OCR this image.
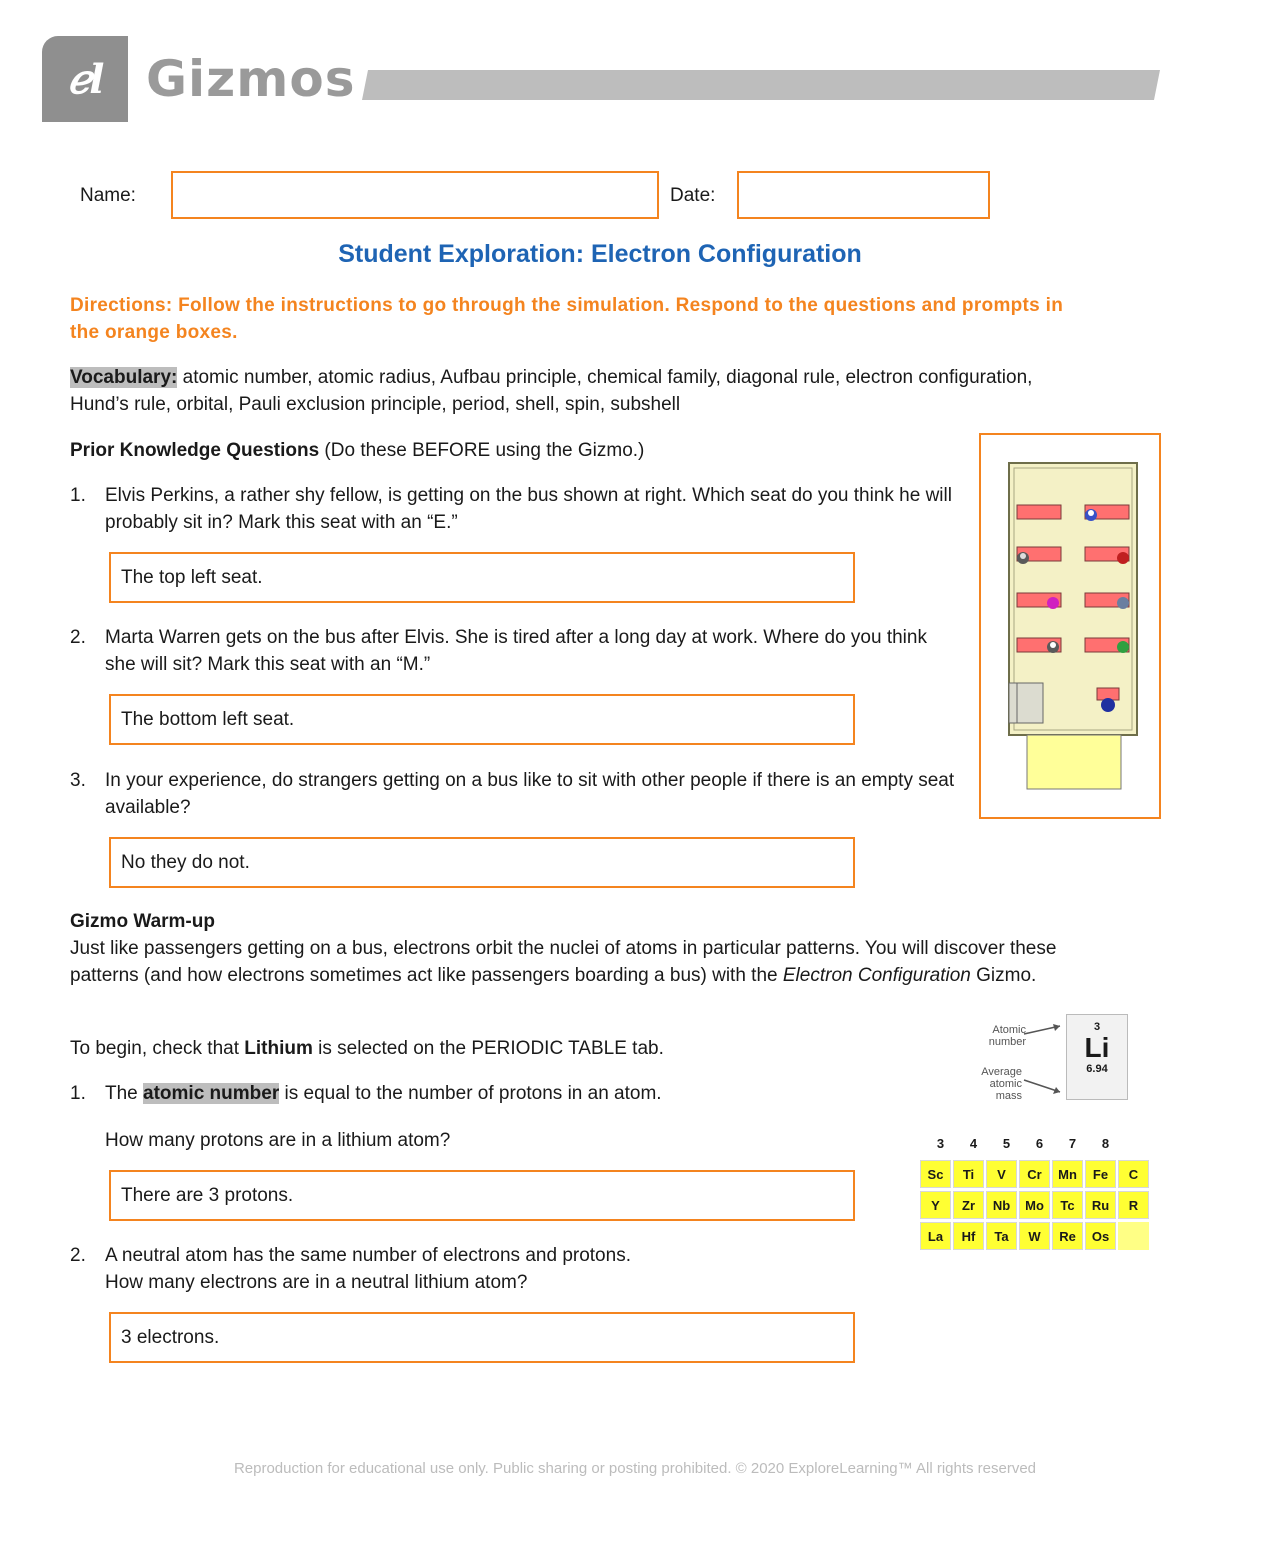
ℯl Gizmos
Name:	Date:
Student Exploration: Electron Configuration
Directions: Follow the instructions to go through the simulation. Respond to the questions and prompts in the orange boxes.
Vocabulary: atomic number, atomic radius, Aufbau principle, chemical family, diagonal rule, electron configuration, Hund’s rule, orbital, Pauli exclusion principle, period, shell, spin, subshell
Prior Knowledge Questions (Do these BEFORE using the Gizmo.)
1. Elvis Perkins, a rather shy fellow, is getting on the bus shown at right. Which seat do you think he will probably sit in? Mark this seat with an “E.”
The top left seat.
2. Marta Warren gets on the bus after Elvis. She is tired after a long day at work. Where do you think she will sit? Mark this seat with an “M.”
The bottom left seat.
3. In your experience, do strangers getting on a bus like to sit with other people if there is an empty seat available?
No they do not.
Gizmo Warm-up
Just like passengers getting on a bus, electrons orbit the nuclei of atoms in particular patterns. You will discover these patterns (and how electrons sometimes act like passengers boarding a bus) with the Electron Configuration Gizmo.
To begin, check that Lithium is selected on the PERIODIC TABLE tab.
1. The atomic number is equal to the number of protons in an atom.
How many protons are in a lithium atom?
There are 3 protons.
2. A neutral atom has the same number of electrons and protons.
How many electrons are in a neutral lithium atom?
3 electrons.
Atomic number
Average atomic mass
3
Li
6.94
3	4	5	6	7	8
Sc	Ti	V	Cr	Mn	Fe	C
Y	Zr	Nb	Mo	Tc	Ru	R
La	Hf	Ta	W	Re	Os
Reproduction for educational use only. Public sharing or posting prohibited. © 2020 ExploreLearning™ All rights reserved
